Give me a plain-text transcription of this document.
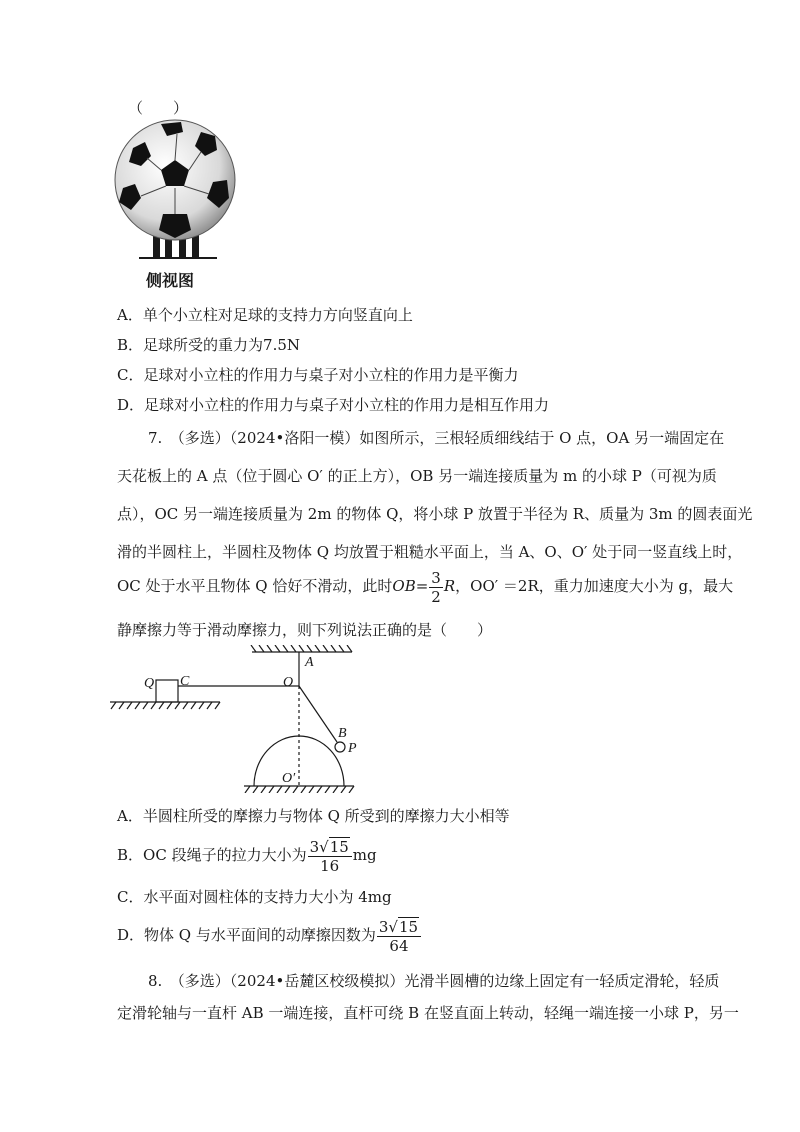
（　　）
侧视图
A．单个小立柱对足球的支持力方向竖直向上
B．足球所受的重力为7.5N
C．足球对小立柱的作用力与桌子对小立柱的作用力是平衡力
D．足球对小立柱的作用力与桌子对小立柱的作用力是相互作用力
7.　（多选）（2024•洛阳一模）如图所示，三根轻质细线结于 O 点，OA 另一端固定在
天花板上的 A 点（位于圆心 O′ 的正上方），OB 另一端连接质量为 m 的小球 P（可视为质
点），OC 另一端连接质量为 2m 的物体 Q，将小球 P 放置于半径为 R、质量为 3m 的圆表面光
滑的半圆柱上，半圆柱及物体 Q 均放置于粗糙水平面上，当 A、O、O′ 处于同一竖直线上时，
OC 处于水平且物体 Q 恰好不滑动，此时$OB= \frac{3}{2}$ R，OO′ ＝2R，重力加速度大小为 g，最大
静摩擦力等于滑动摩擦力，则下列说法正确的是（　　）
A
Q C	O
B
P
O′
A．半圆柱所受的摩擦力与物体 Q 所受到的摩擦力大小相等
B．OC 段绳子的拉力大小为 $\frac{3√15}{16}$ mg
C．水平面对圆柱体的支持力大小为 4mg
D．物体 Q 与水平面间的动摩擦因数为 $\frac{3√15}{64}$
8.　（多选）（2024•岳麓区校级模拟）光滑半圆槽的边缘上固定有一轻质定滑轮，轻质
定滑轮轴与一直杆 AB 一端连接，直杆可绕 B 在竖直面上转动，轻绳一端连接一小球 P，另一
